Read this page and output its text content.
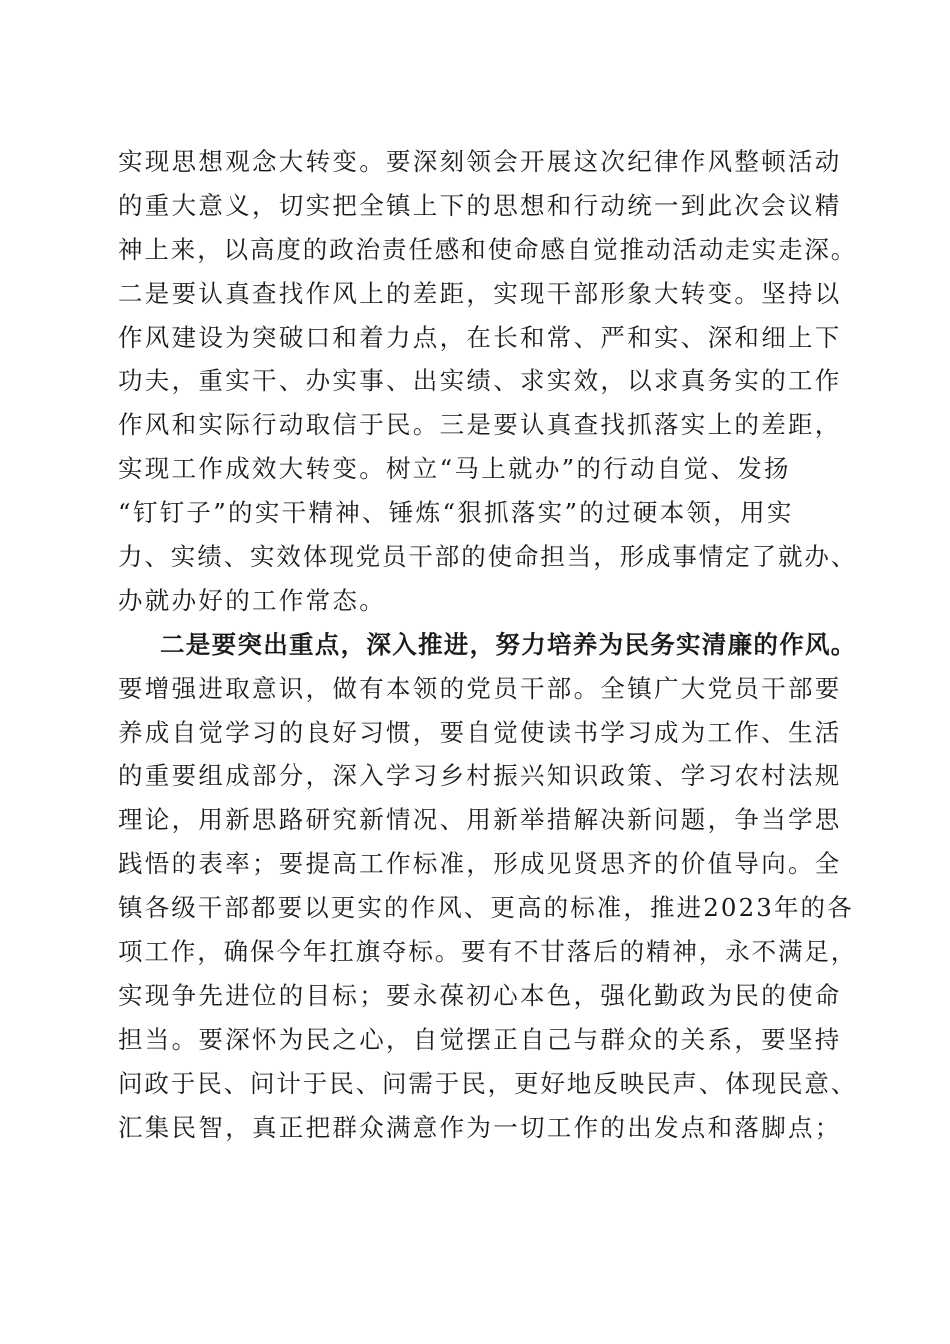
实现思想观念大转变。要深刻领会开展这次纪律作风整顿活动
的重大意义，切实把全镇上下的思想和行动统一到此次会议精
神上来，以高度的政治责任感和使命感自觉推动活动走实走深。
二是要认真查找作风上的差距，实现干部形象大转变。坚持以
作风建设为突破口和着力点，在长和常、严和实、深和细上下
功夫，重实干、办实事、出实绩、求实效，以求真务实的工作
作风和实际行动取信于民。三是要认真查找抓落实上的差距，
实现工作成效大转变。树立“马上就办”的行动自觉、发扬
“钉钉子”的实干精神、锤炼“狠抓落实”的过硬本领，用实
力、实绩、实效体现党员干部的使命担当，形成事情定了就办、
办就办好的工作常态。
二是要突出重点，深入推进，努力培养为民务实清廉的作风。
要增强进取意识，做有本领的党员干部。全镇广大党员干部要
养成自觉学习的良好习惯，要自觉使读书学习成为工作、生活
的重要组成部分，深入学习乡村振兴知识政策、学习农村法规
理论，用新思路研究新情况、用新举措解决新问题，争当学思
践悟的表率；要提高工作标准，形成见贤思齐的价值导向。全
镇各级干部都要以更实的作风、更高的标准，推进2023年的各
项工作，确保今年扛旗夺标。要有不甘落后的精神，永不满足，
实现争先进位的目标；要永葆初心本色，强化勤政为民的使命
担当。要深怀为民之心，自觉摆正自己与群众的关系，要坚持
问政于民、问计于民、问需于民，更好地反映民声、体现民意、
汇集民智，真正把群众满意作为一切工作的出发点和落脚点；
